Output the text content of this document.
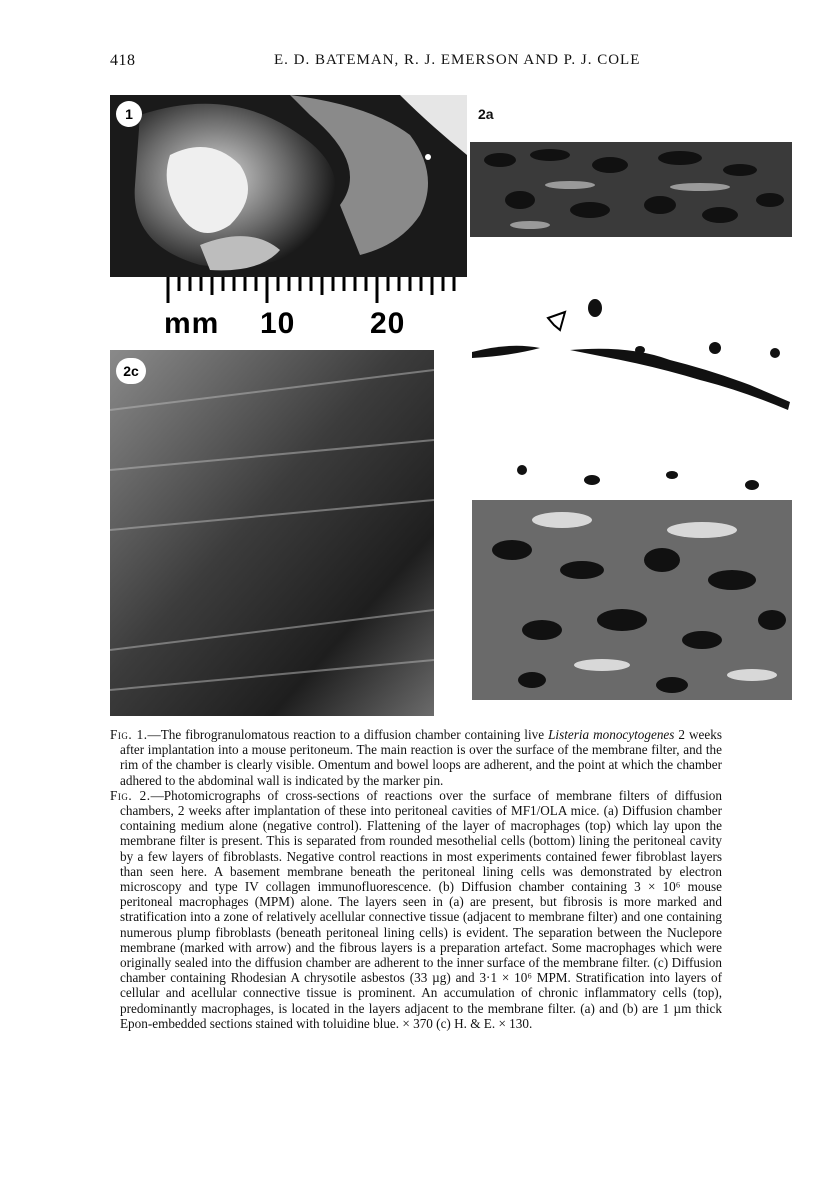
418	E. D. BATEMAN, R. J. EMERSON AND P. J. COLE
1
mm 10 20
2a
2c

Fig. 1.—The fibrogranulomatous reaction to a diffusion chamber containing live Listeria monocytogenes 2 weeks after implantation into a mouse peritoneum. The main reaction is over the surface of the membrane filter, and the rim of the chamber is clearly visible. Omentum and bowel loops are adherent, and the point at which the chamber adhered to the abdominal wall is indicated by the marker pin.

Fig. 2.—Photomicrographs of cross-sections of reactions over the surface of membrane filters of diffusion chambers, 2 weeks after implantation of these into peritoneal cavities of MF1/OLA mice. (a) Diffusion chamber containing medium alone (negative control). Flattening of the layer of macrophages (top) which lay upon the membrane filter is present. This is separated from rounded mesothelial cells (bottom) lining the peritoneal cavity by a few layers of fibroblasts. Negative control reactions in most experiments contained fewer fibroblast layers than seen here. A basement membrane beneath the peritoneal lining cells was demonstrated by electron microscopy and type IV collagen immunofluorescence. (b) Diffusion chamber containing 3 × 10⁶ mouse peritoneal macrophages (MPM) alone. The layers seen in (a) are present, but fibrosis is more marked and stratification into a zone of relatively acellular connective tissue (adjacent to membrane filter) and one containing numerous plump fibroblasts (beneath peritoneal lining cells) is evident. The separation between the Nuclepore membrane (marked with arrow) and the fibrous layers is a preparation artefact. Some macrophages which were originally sealed into the diffusion chamber are adherent to the inner surface of the membrane filter. (c) Diffusion chamber containing Rhodesian A chrysotile asbestos (33 µg) and 3·1 × 10⁶ MPM. Stratification into layers of cellular and acellular connective tissue is prominent. An accumulation of chronic inflammatory cells (top), predominantly macrophages, is located in the layers adjacent to the membrane filter. (a) and (b) are 1 µm thick Epon-embedded sections stained with toluidine blue. × 370 (c) H. & E. × 130.
